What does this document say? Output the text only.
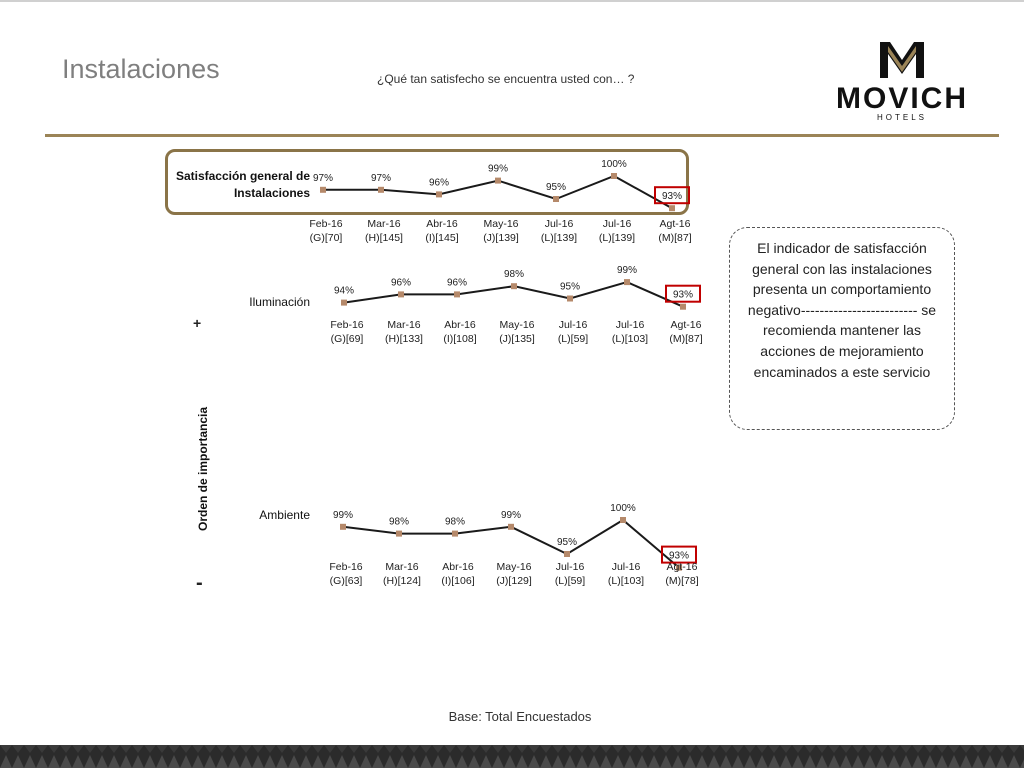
Instalaciones	¿Qué tan satisfecho se encuentra usted con… ?
MOVICH
HOTELS
Satisfacción general de Instalaciones
Iluminación
Ambiente
Orden de importancia
+
-
97%	97%	96%
99%
95%
100%
93%
Feb-16
(G)[70]
Mar-16
(H)[145]
Abr-16
(I)[145]
May-16
(J)[139]
Jul-16
(L)[139]
Jul-16
(L)[139]
Agt-16
(M)[87]
94%
96%	96%
98%
95%
99%
93%
Feb-16
(G)[69]
Mar-16
(H)[133]
Abr-16
(I)[108]
May-16
(J)[135]
Jul-16
(L)[59]
Jul-16
(L)[103]
Agt-16
(M)[87]
99%
98%	98%
99%
95%
100%
93%
Feb-16
(G)[63]
Mar-16
(H)[124]
Abr-16
(I)[106]
May-16
(J)[129]
Jul-16
(L)[59]
Jul-16
(L)[103]
Agt-16
(M)[78]
El indicador de satisfacción general con las instalaciones presenta un comportamiento negativo------------------------- se recomienda mantener las acciones de mejoramiento encaminados a este servicio
Base: Total Encuestados
